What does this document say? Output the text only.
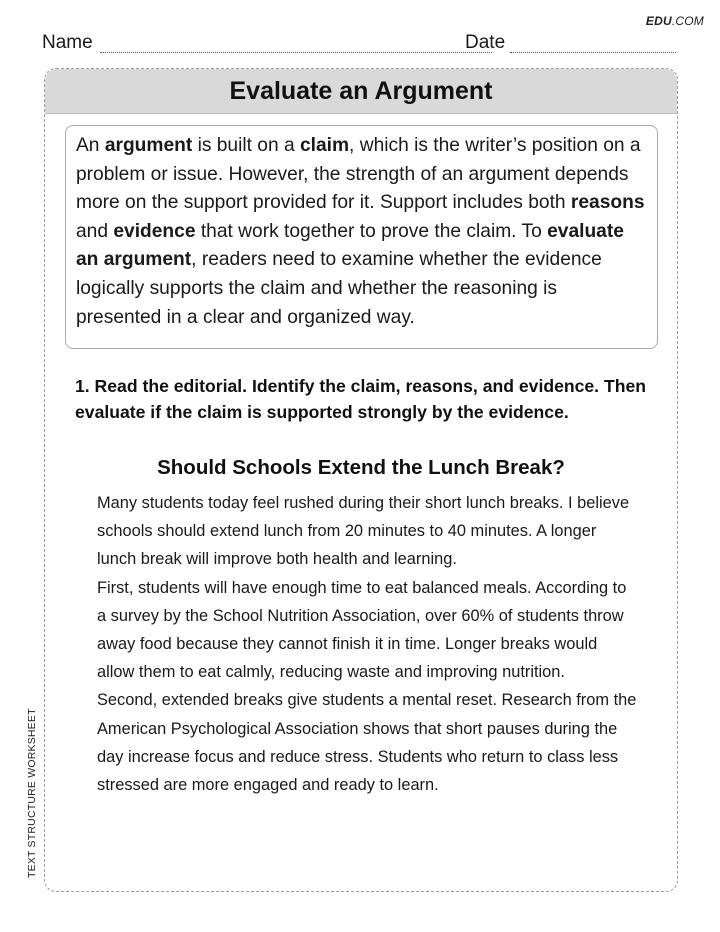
EDU.COM
Name	Date
Evaluate an Argument
An argument is built on a claim, which is the writer’s position on a problem or issue. However, the strength of an argument depends more on the support provided for it. Support includes both reasons and evidence that work together to prove the claim. To evaluate an argument, readers need to examine whether the evidence logically supports the claim and whether the reasoning is presented in a clear and organized way.
1. Read the editorial. Identify the claim, reasons, and evidence. Then evaluate if the claim is supported strongly by the evidence.
Should Schools Extend the Lunch Break?

Many students today feel rushed during their short lunch breaks. I believe schools should extend lunch from 20 minutes to 40 minutes. A longer lunch break will improve both health and learning.

First, students will have enough time to eat balanced meals. According to a survey by the School Nutrition Association, over 60% of students throw away food because they cannot finish it in time. Longer breaks would allow them to eat calmly, reducing waste and improving nutrition.

Second, extended breaks give students a mental reset. Research from the American Psychological Association shows that short pauses during the day increase focus and reduce stress. Students who return to class less stressed are more engaged and ready to learn.

TEXT STRUCTURE WORKSHEET
